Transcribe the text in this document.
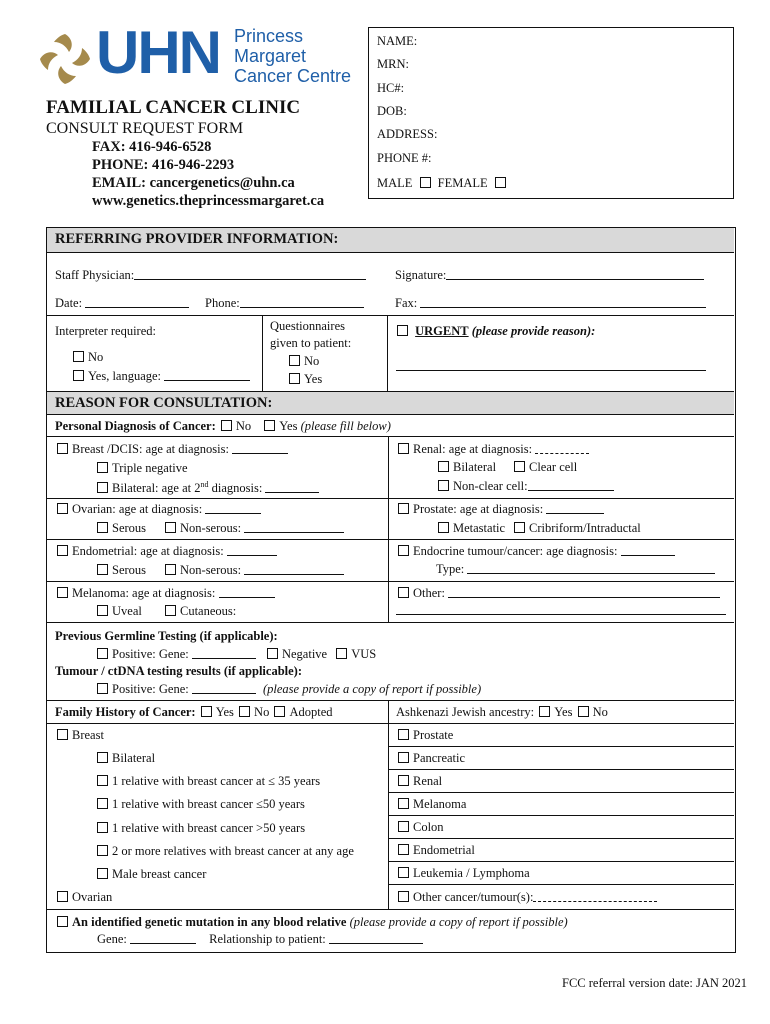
UHN Princess
Margaret
Cancer Centre
FAMILIAL CANCER CLINIC
CONSULT REQUEST FORM
FAX: 416-946-6528
PHONE: 416-946-2293
EMAIL: cancergenetics@uhn.ca
www.genetics.theprincessmargaret.ca
NAME:
MRN:
HC#:
DOB:
ADDRESS:
PHONE #:
MALE FEMALE
REFERRING PROVIDER INFORMATION:
Staff Physician:	Signature:
Date:	Phone:	Fax:
Interpreter required:
No
Yes, language:
Questionnaires
given to patient:
No
Yes
URGENT (please provide reason):
REASON FOR CONSULTATION:
Personal Diagnosis of Cancer: No Yes (please fill below)
Breast /DCIS: age at diagnosis:
Triple negative
Bilateral: age at 2nd diagnosis:
Renal: age at diagnosis:
Bilateral	Clear cell
Non-clear cell:
Ovarian: age at diagnosis:
Serous	Non-serous:
Prostate: age at diagnosis:
Metastatic	Cribriform/Intraductal
Endometrial: age at diagnosis:
Serous	Non-serous:
Endocrine tumour/cancer: age diagnosis:
Type:
Melanoma: age at diagnosis:
Uveal	Cutaneous:
Other:
Previous Germline Testing (if applicable):
Positive: Gene:	Negative VUS
Tumour / ctDNA testing results (if applicable):
Positive: Gene:	(please provide a copy of report if possible)
Family History of Cancer: Yes No Adopted	Ashkenazi Jewish ancestry: Yes No
Breast
Bilateral
1 relative with breast cancer at ≤ 35 years
1 relative with breast cancer ≤50 years
1 relative with breast cancer >50 years
2 or more relatives with breast cancer at any age
Male breast cancer
Ovarian
Prostate
Pancreatic
Renal
Melanoma
Colon
Endometrial
Leukemia / Lymphoma
Other cancer/tumour(s):
An identified genetic mutation in any blood relative (please provide a copy of report if possible)
Gene:	Relationship to patient:
FCC referral version date: JAN 2021
